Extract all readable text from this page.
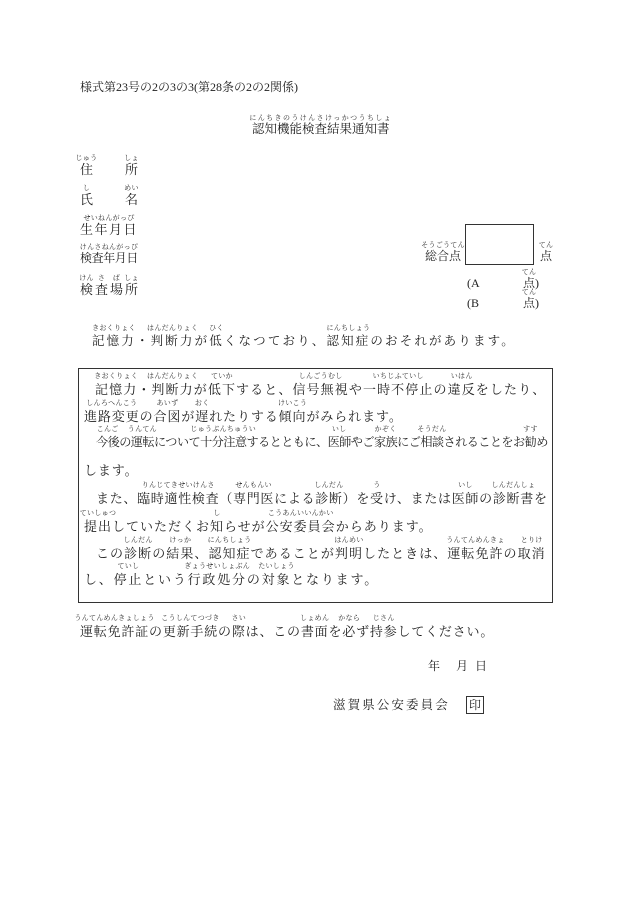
様式第23号の2の3の3(第28条の2の2関係)
認知機能検査結果通知書
にんちきのうけんさけっかつうちしょ
住
じゅう
所
しょ
氏
し
名
めい
生年月日
せいねんがっぴ
検査年月日
けんさねんがっぴ
検
けん
査
さ
場
ば
所
しょ
総合点
そうごうてん
点
てん
(A	点
てん
)
(B	点
てん
)
記憶力
きおくりょく
・判断力
はんだんりょく
が低
ひく
くなつており、認知症
にんちしょう
のおそれがあります。
記憶力
きおくりょく
・判断力
はんだんりょく
が低下
ていか
すると、信号無視
しんごうむし
や一時不停止
いちじふていし
の違反
いはん
をしたり、
進路変更
しんろへんこう
の合図
あいず
が遅
おく
れたりする傾向
けいこう
がみられます。
今後
こんご
の運転
うんてん
について十分注意
じゅうぶんちゅうい
するとともに、医師
いし
やご家族
かぞく
にご相談
そうだん
されることをお勧
すす
め
します。
また、臨時適性検査
りんじてきせいけんさ
（専門医
せんもんい
による診断
しんだん
）を受
う
け、または医師
いし
の診断書
しんだんしょ
を
提出
ていしゅつ
していただくお知
し
らせが公安委員会
こうあんいいんかい
からあります。
この診断
しんだん
の結果
けっか
、認知症
にんちしょう
であることが判明
はんめい
したときは、運転免許
うんてんめんきょ
の取消
とりけ
し、停止
ていし
という行政処分
ぎょうせいしょぶん
の対象
たいしょう
となります。
運転免許証
うんてんめんきょしょう
の更新手続
こうしんてつづき
の際
さい
は、この書面
しょめん
を必
かなら
ず持参
じさん
してください。
年 月 日
滋賀県公安委員会 印
